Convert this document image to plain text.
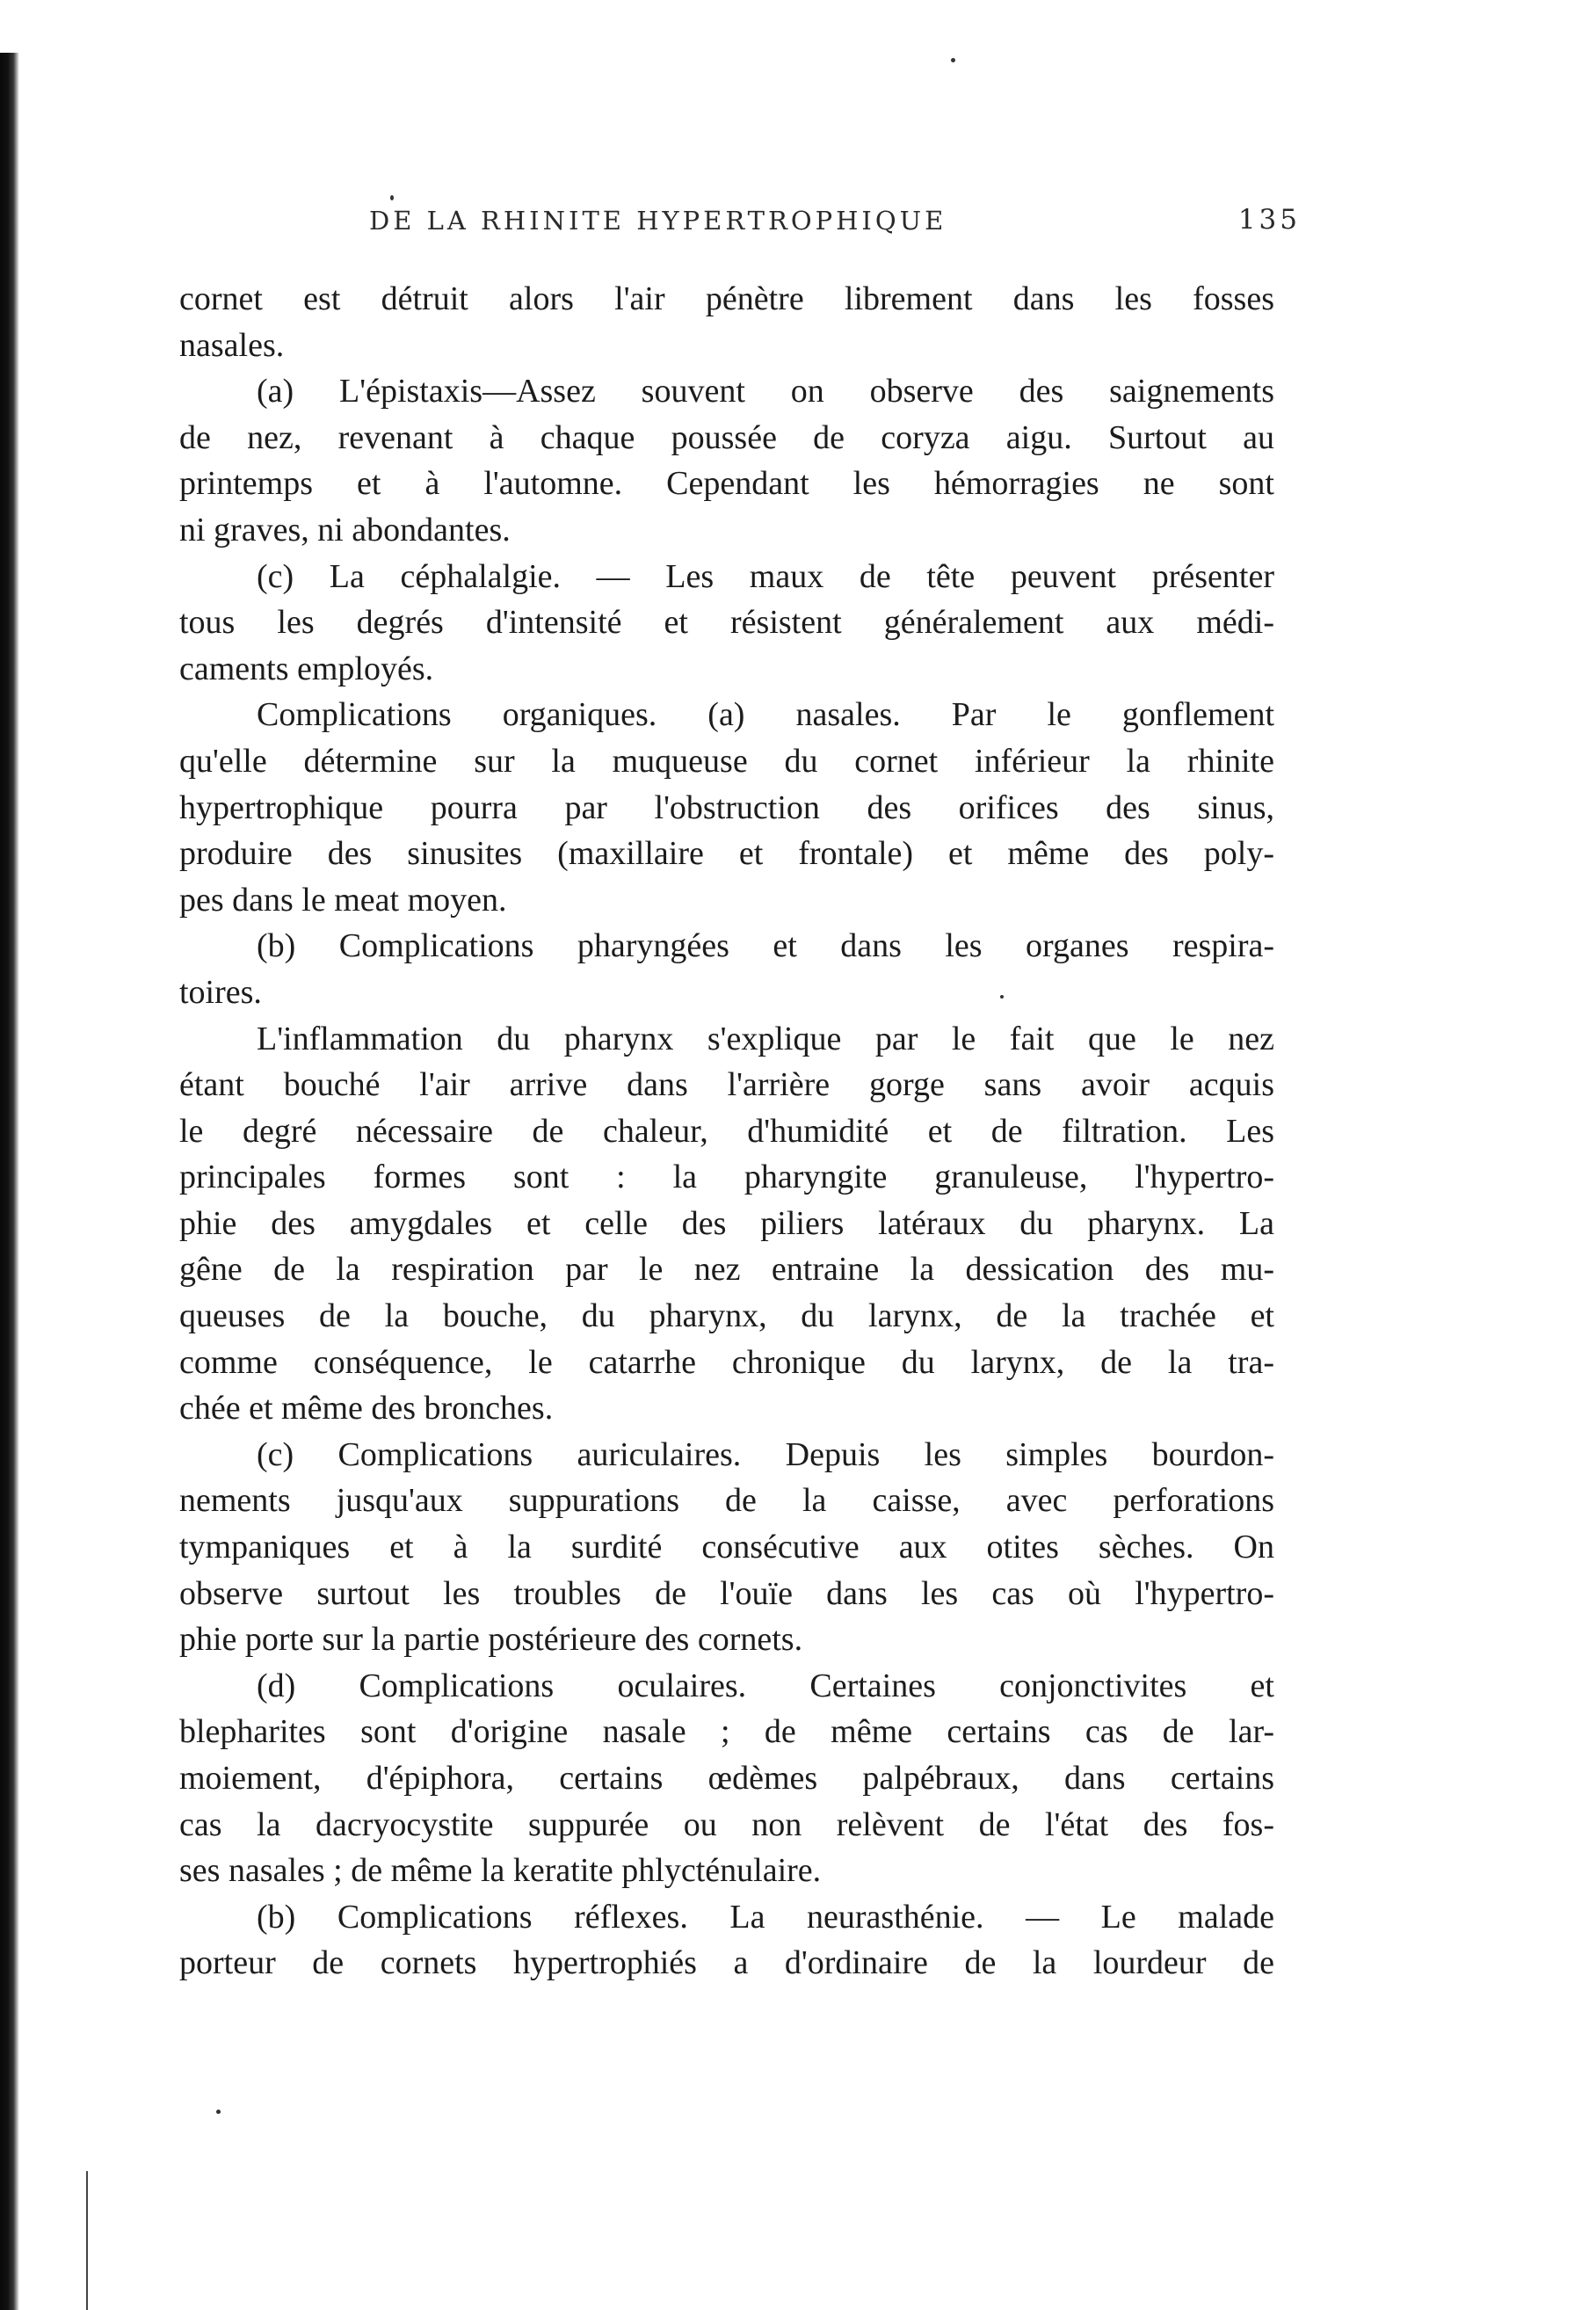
DE LA RHINITE HYPERTROPHIQUE	135
cornet est détruit alors l'air pénètre librement dans les fosses
nasales.
(a) L'épistaxis—Assez souvent on observe des saignements
de nez, revenant à chaque poussée de coryza aigu. Surtout au
printemps et à l'automne. Cependant les hémorragies ne sont
ni graves, ni abondantes.
(c) La céphalalgie. — Les maux de tête peuvent présenter
tous les degrés d'intensité et résistent généralement aux médi-
caments employés.
Complications organiques. (a) nasales. Par le gonflement
qu'elle détermine sur la muqueuse du cornet inférieur la rhinite
hypertrophique pourra par l'obstruction des orifices des sinus,
produire des sinusites (maxillaire et frontale) et même des poly-
pes dans le meat moyen.
(b) Complications pharyngées et dans les organes respira-
toires.
L'inflammation du pharynx s'explique par le fait que le nez
étant bouché l'air arrive dans l'arrière gorge sans avoir acquis
le degré nécessaire de chaleur, d'humidité et de filtration. Les
principales formes sont : la pharyngite granuleuse, l'hypertro-
phie des amygdales et celle des piliers latéraux du pharynx. La
gêne de la respiration par le nez entraine la dessication des mu-
queuses de la bouche, du pharynx, du larynx, de la trachée et
comme conséquence, le catarrhe chronique du larynx, de la tra-
chée et même des bronches.
(c) Complications auriculaires. Depuis les simples bourdon-
nements jusqu'aux suppurations de la caisse, avec perforations
tympaniques et à la surdité consécutive aux otites sèches. On
observe surtout les troubles de l'ouïe dans les cas où l'hypertro-
phie porte sur la partie postérieure des cornets.
(d) Complications oculaires. Certaines conjonctivites et
blepharites sont d'origine nasale ; de même certains cas de lar-
moiement, d'épiphora, certains œdèmes palpébraux, dans certains
cas la dacryocystite suppurée ou non relèvent de l'état des fos-
ses nasales ; de même la keratite phlycténulaire.
(b) Complications réflexes. La neurasthénie. — Le malade
porteur de cornets hypertrophiés a d'ordinaire de la lourdeur de
